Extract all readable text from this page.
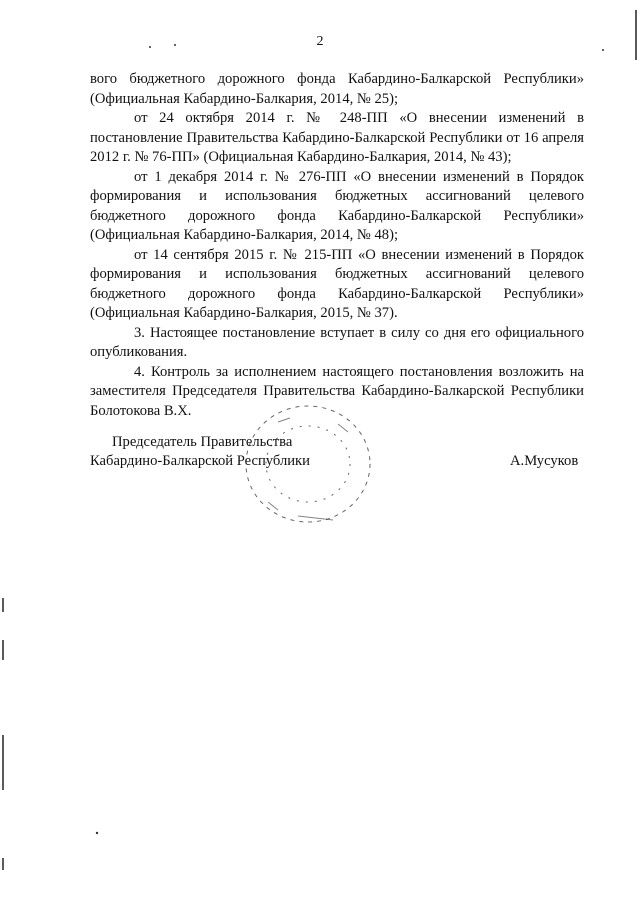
2

вого бюджетного дорожного фонда Кабардино-Балкарской Республики» (Официальная Кабардино-Балкария, 2014, № 25);

от 24 октября 2014 г. № 248-ПП «О внесении изменений в постановление Правительства Кабардино-Балкарской Республики от 16 апреля 2012 г. № 76-ПП» (Официальная Кабардино-Балкария, 2014, № 43);

от 1 декабря 2014 г. № 276-ПП «О внесении изменений в Порядок формирования и использования бюджетных ассигнований целевого бюджетного дорожного фонда Кабардино-Балкарской Республики» (Официальная Кабардино-Балкария, 2014, № 48);

от 14 сентября 2015 г. № 215-ПП «О внесении изменений в Порядок формирования и использования бюджетных ассигнований целевого бюджетного дорожного фонда Кабардино-Балкарской Республики» (Официальная Кабардино-Балкария, 2015, № 37).

3. Настоящее постановление вступает в силу со дня его официального опубликования.

4. Контроль за исполнением настоящего постановления возложить на заместителя Председателя Правительства Кабардино-Балкарской Республики Болотокова В.Х.

Председатель Правительства
Кабардино-Балкарской Республики	А.Мусуков
